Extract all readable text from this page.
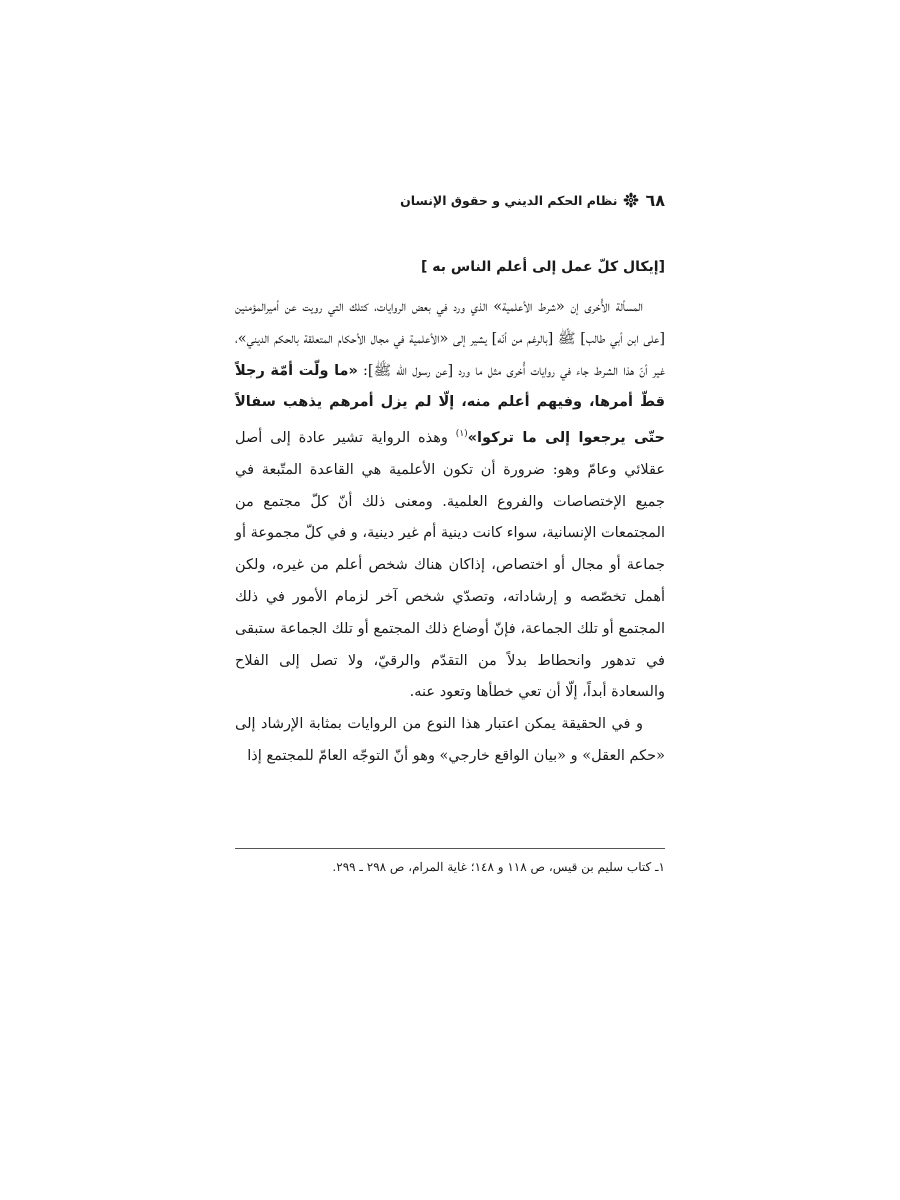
٦٨
نظام الحكم الديني و حقوق الإنسان
[إيكال كلّ عمل إلى أعلم الناس به ]

المسألة الأُخرى إن «شرط الأعلمية» الذي ورد في بعض الروايات، كتلك التي رويت عن أميرالمؤمنين [على ابن أبي طالب] ﷺ [بالرغم من أنّه] يشير إلى «الأعلمية في مجال الأحكام المتعلقة بالحكم الديني»، غير أنّ هذا الشرط جاء في روايات أُخرى مثل ما ورد [عن رسول اللّه ﷺ]: «ما ولّت أمّة رجلاً قطّ أمرها، وفيهم أعلم منه، إلّا لم يزل أمرهم يذهب سفالاً حتّى يرجعوا إلى ما تركوا»$^{(١)}$ وهذه الرواية تشير عادة إلى أصل عقلائي وعامّ وهو: ضرورة أن تكون الأعلمية هي القاعدة المتّبعة في جميع الإختصاصات والفروع العلمية. ومعنى ذلك أنّ كلّ مجتمع من المجتمعات الإنسانية، سواء كانت دينية أم غير دينية، و في كلّ مجموعة أو جماعة أو مجال أو اختصاص، إذاكان هناك شخص أعلم من غيره، ولكن أهمل تخصّصه و إرشاداته، وتصدّي شخص آخر لزمام الأمور في ذلك المجتمع أو تلك الجماعة، فإنّ أوضاع ذلك المجتمع أو تلك الجماعة ستبقى في تدهور وانحطاط بدلاً من التقدّم والرقيّ، ولا تصل إلى الفلاح والسعادة أبداً، إلّا أن تعي خطأها وتعود عنه.

و في الحقيقة يمكن اعتبار هذا النوع من الروايات بمثابة الإرشاد إلى «حكم العقل» و «بيان الواقع خارجي» وهو أنّ التوجّه العامّ للمجتمع إذا

١ـ كتاب سليم بن قيس، ص ١١٨ و ١٤٨؛ غاية المرام، ص ٢٩٨ ـ ٢٩٩.
